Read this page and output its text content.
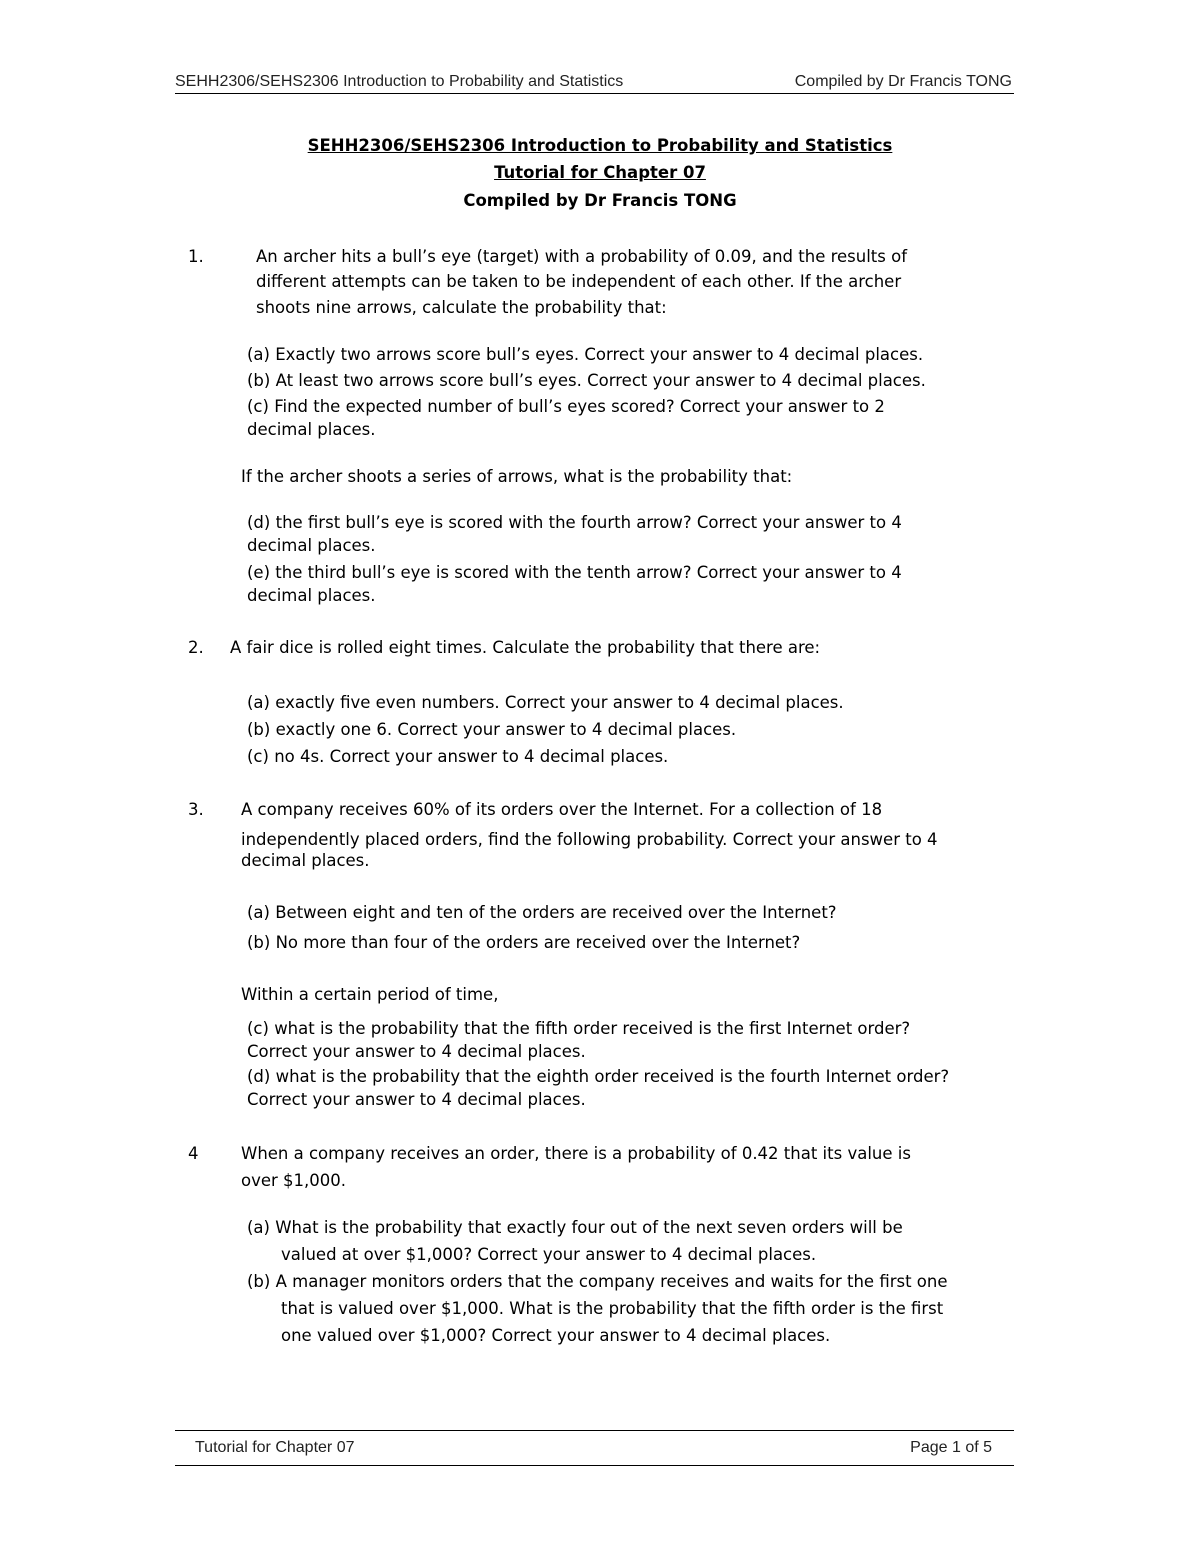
SEHH2306/SEHS2306 Introduction to Probability and Statistics	Compiled by Dr Francis TONG
SEHH2306/SEHS2306 Introduction to Probability and Statistics
Tutorial for Chapter 07
Compiled by Dr Francis TONG
1.	An archer hits a bull’s eye (target) with a probability of 0.09, and the results of
different attempts can be taken to be independent of each other. If the archer
shoots nine arrows, calculate the probability that:
(a) Exactly two arrows score bull’s eyes. Correct your answer to 4 decimal places.
(b) At least two arrows score bull’s eyes. Correct your answer to 4 decimal places.
(c) Find the expected number of bull’s eyes scored? Correct your answer to 2
decimal places.
If the archer shoots a series of arrows, what is the probability that:
(d) the first bull’s eye is scored with the fourth arrow? Correct your answer to 4
decimal places.
(e) the third bull’s eye is scored with the tenth arrow? Correct your answer to 4
decimal places.
2. A fair dice is rolled eight times. Calculate the probability that there are:
(a) exactly five even numbers. Correct your answer to 4 decimal places.
(b) exactly one 6. Correct your answer to 4 decimal places.
(c) no 4s. Correct your answer to 4 decimal places.
3. A company receives 60% of its orders over the Internet. For a collection of 18
independently placed orders, find the following probability. Correct your answer to 4
decimal places.
(a) Between eight and ten of the orders are received over the Internet?
(b) No more than four of the orders are received over the Internet?
Within a certain period of time,
(c) what is the probability that the fifth order received is the first Internet order?
Correct your answer to 4 decimal places.
(d) what is the probability that the eighth order received is the fourth Internet order?
Correct your answer to 4 decimal places.
4	When a company receives an order, there is a probability of 0.42 that its value is
over $1,000.
(a) What is the probability that exactly four out of the next seven orders will be
valued at over $1,000? Correct your answer to 4 decimal places.
(b) A manager monitors orders that the company receives and waits for the first one
that is valued over $1,000. What is the probability that the fifth order is the first
one valued over $1,000? Correct your answer to 4 decimal places.
Tutorial for Chapter 07	Page 1 of 5
